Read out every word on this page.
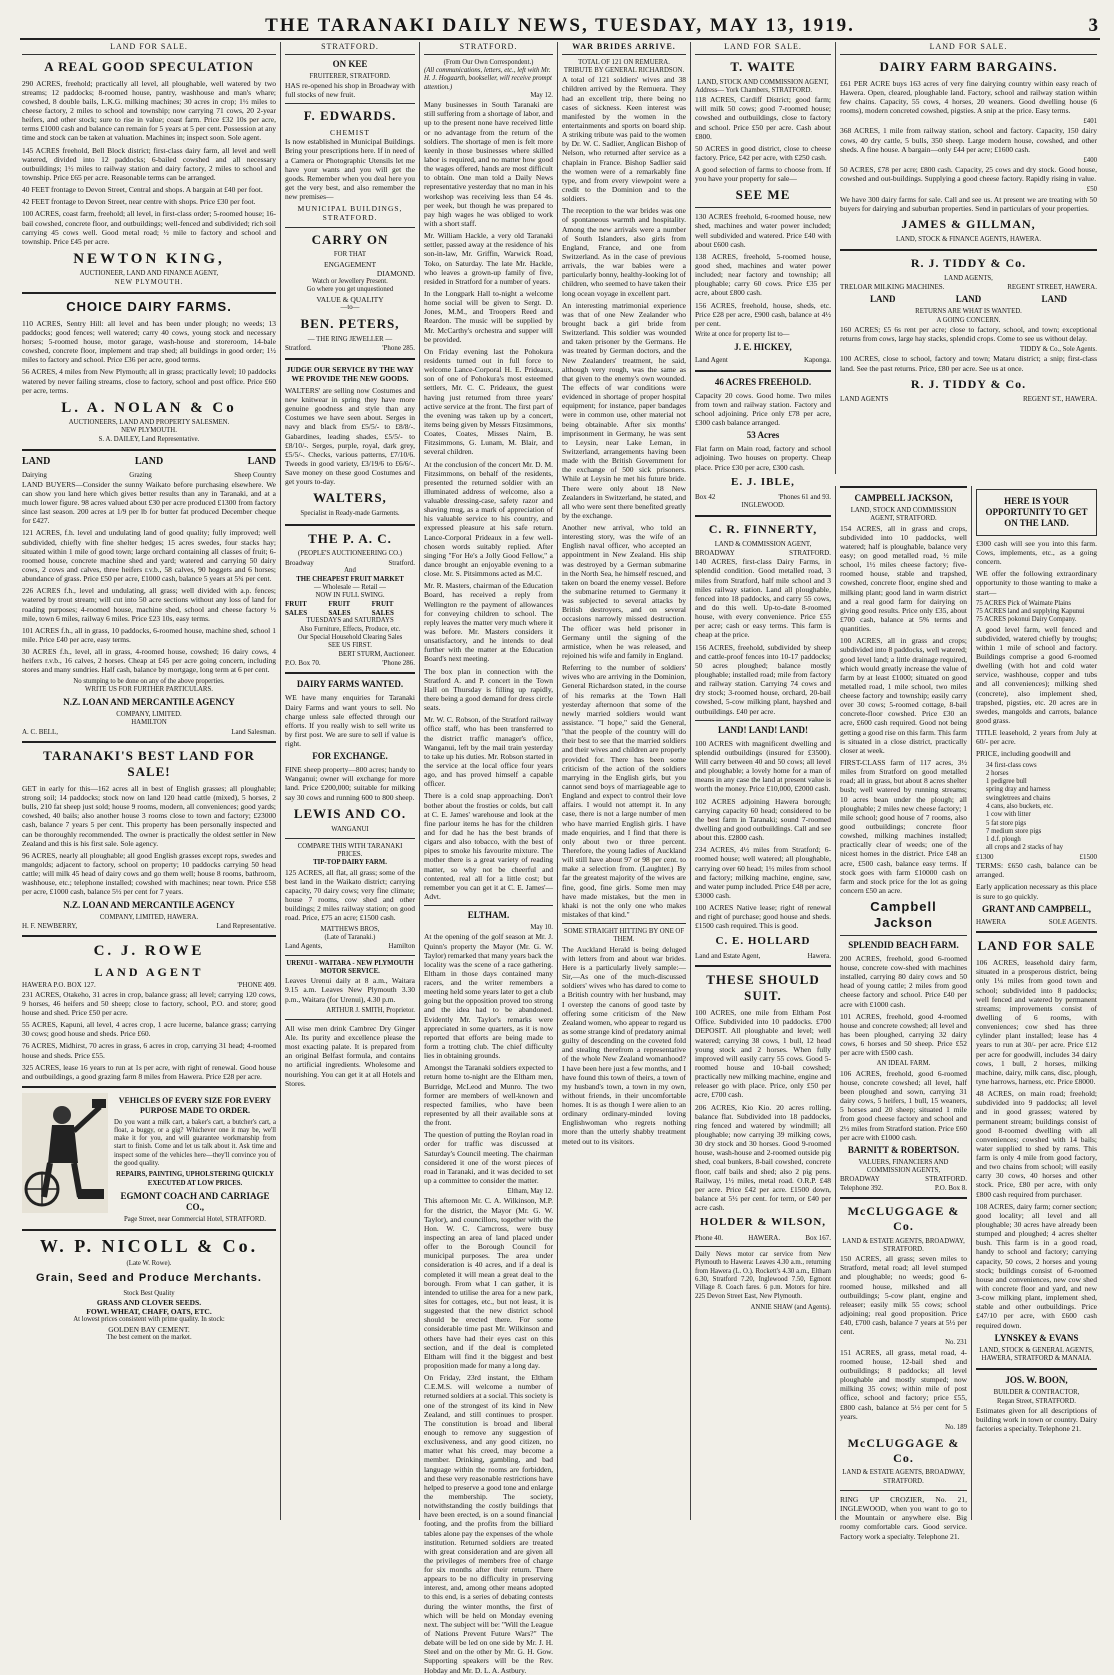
THE TARANAKI DAILY NEWS, TUESDAY, MAY 13, 1919.	3
LAND FOR SALE.
A REAL GOOD SPECULATION

290 ACRES, freehold; practically all level, all ploughable, well watered by two streams; 12 paddocks; 8-roomed house, pantry, washhouse and man's whare; cowshed, 8 double bails, L.K.G. milking machines; 30 acres in crop; 1½ miles to cheese factory, 2 miles to school and township; now carrying 71 cows, 20 2-year heifers, and other stock; sure to rise in value; coast farm. Price £32 10s per acre, terms £1000 cash and balance can remain for 5 years at 5 per cent. Possession at any time and stock can be taken at valuation. Machines in; inspect soon. Sole agent.

145 ACRES freehold, Bell Block district; first-class dairy farm, all level and well watered, divided into 12 paddocks; 6-bailed cowshed and all necessary outbuildings; 1½ miles to railway station and dairy factory, 2 miles to school and township. Price £65 per acre. Reasonable terms can be arranged.

40 FEET frontage to Devon Street, Central and shops. A bargain at £40 per foot.

42 FEET frontage to Devon Street, near centre with shops. Price £30 per foot.

100 ACRES, coast farm, freehold; all level, in first-class order; 5-roomed house; 16-bail cowshed, concrete floor, and outbuildings; well-fenced and subdivided; rich soil carrying 45 cows well. Good metal road; ½ mile to factory and school and township. Price £45 per acre.

NEWTON KING,
AUCTIONEER, LAND AND FINANCE AGENT,
NEW PLYMOUTH.
CHOICE DAIRY FARMS.

110 ACRES, Sentry Hill: all level and has been under plough; no weeds; 13 paddocks; good fences; well watered; carry 40 cows, young stock and necessary horses; 5-roomed house, motor garage, wash-house and storeroom, 14-bale cowshed, concrete floor, implement and trap shed; all buildings in good order; 1½ miles to factory and school. Price £36 per acre, good terms.

56 ACRES, 4 miles from New Plymouth; all in grass; practically level; 10 paddocks watered by never failing streams, close to factory, school and post office. Price £60 per acre, terms.

L. A. NOLAN & Co
AUCTIONEERS, LAND AND PROPERTY SALESMEN.
NEW PLYMOUTH.
S. A. DAILEY, Land Representative.
LAND	LAND	LAND
Dairying	Grazing	Sheep Country

LAND BUYERS—Consider the sunny Waikato before purchasing elsewhere. We can show you land here which gives better results than any in Taranaki, and at a much lower figure. 98 acres valued about £30 per acre produced £1300 from factory since last season. 200 acres at 1/9 per lb for butter fat produced December cheque for £427.

121 ACRES, f.h. level and undulating land of good quality; fully improved; well subdivided, chiefly with fine shelter hedges; 15 acres swedes, four stacks hay; situated within 1 mile of good town; large orchard containing all classes of fruit; 6-roomed house, concrete machine shed and yard; watered and carrying 50 dairy cows, 2 cows and calves, three heifers r.v.b., 58 calves, 90 hoggets and 6 horses; abundance of grass. Price £50 per acre, £1000 cash, balance 5 years at 5¾ per cent.

226 ACRES f.h., level and undulating, all grass; well divided with a.p. fences; watered by trout stream; will cut into 50 acre sections without any loss of land for roading purposes; 4-roomed house, machine shed, school and cheese factory ½ mile, town 6 miles, railway 6 miles. Price £23 10s, easy terms.

101 ACRES f.h., all in grass, 10 paddocks, 6-roomed house, machine shed, school 1 mile. Price £40 per acre, easy terms.

30 ACRES f.h., level, all in grass, 4-roomed house, cowshed; 16 dairy cows, 4 heifers r.v.b., 16 calves, 2 horses. Cheap at £45 per acre going concern, including stores and many sundries. Half cash, balance by mortgage, long term at 6 per cent.

No stumping to be done on any of the above properties.
WRITE US FOR FURTHER PARTICULARS.
N.Z. LOAN AND MERCANTILE AGENCY
COMPANY, LIMITED.
HAMILTON
A. C. BELL,	Land Salesman.
TARANAKI'S BEST LAND FOR SALE!

GET in early for this—162 acres all in best of English grasses; all ploughable; strong soil; 14 paddocks; stock now on land 120 head cattle (mixed), 5 horses, 2 bulls, 210 fat sheep just sold; house 9 rooms, modern, all conveniences; good yards; cowshed, 40 bails; also another house 3 rooms close to town and factory; £23000 cash, balance 7 years 5 per cent. This property has been personally inspected and can be thoroughly recommended. The owner is practically the oldest settler in New Zealand and this is his first sale. Sole agency.

96 ACRES, nearly all ploughable; all good English grasses except rops, swedes and mangolds; adjacent to factory, school on property; 10 paddocks carrying 50 head cattle; will milk 45 head of dairy cows and go them well; house 8 rooms, bathroom, washhouse, etc.; telephone installed; cowshed with machines; near town. Price £58 per acre, £1000 cash, balance 5½ per cent for 7 years.

N.Z. LOAN AND MERCANTILE AGENCY
COMPANY, LIMITED, HAWERA.
H. F. NEWBERRY,	Land Representative.
C. J. ROWE
LAND AGENT
HAWERA P.O. BOX 127.	'PHONE 409.

231 ACRES, Otakeho, 31 acres in crop, balance grass; all level; carrying 120 cows, 9 horses, 46 heifers and 50 sheep; close to factory, school, P.O. and store; good house and shed. Price £50 per acre.

55 ACRES, Kapuni, all level, 4 acres crop, 1 acre lucerne, balance grass; carrying 30 cows; good house and sheds. Price £60.

76 ACRES, Midhirst, 70 acres in grass, 6 acres in crop, carrying 31 head; 4-roomed house and sheds. Price £55.

325 ACRES, lease 16 years to run at 1s per acre, with right of renewal. Good house and outbuildings, a good grazing farm 8 miles from Hawera. Price £28 per acre.

VEHICLES OF EVERY SIZE FOR EVERY PURPOSE MADE TO ORDER.

Do you want a milk cart, a baker's cart, a butcher's cart, a float, a buggy, or a gig? Whichever one it may be, we'll make it for you, and will guarantee workmanship from start to finish. Come and let us talk about it. Ask time and inspect some of the vehicles here—they'll convince you of the good quality.

REPAIRS, PAINTING, UPHOLSTERING QUICKLY EXECUTED AT LOW PRICES.
EGMONT COACH AND CARRIAGE CO.,
Page Street, near Commercial Hotel, STRATFORD.
W. P. NICOLL & Co.
(Late W. Rowe).
Grain, Seed and Produce Merchants.
Stock Best Quality
GRASS AND CLOVER SEEDS.
FOWL WHEAT, CHAFF, OATS, ETC.
At lowest prices consistent with prime quality. In stock:
GOLDEN BAY CEMENT.
The best cement on the market.
STRATFORD.
ON KEE
FRUITERER, STRATFORD.

HAS re-opened his shop in Broadway with full stocks of new fruit.

F. EDWARDS.
CHEMIST

Is now established in Municipal Buildings. Bring your prescriptions here. If in need of a Camera or Photographic Utensils let me have your wants and you will get the goods. Remember when you deal here you get the very best, and also remember the new premises—

MUNICIPAL BUILDINGS,
STRATFORD.
CARRY ON
FOR THAT
ENGAGEMENT
DIAMOND.
Watch or Jewellery Present.
Go where you get unquestioned
VALUE & QUALITY
—to—
BEN. PETERS,
— THE RING JEWELLER —
Stratford.	'Phone 285.
JUDGE OUR SERVICE BY THE WAY WE PROVIDE THE NEW GOODS.

WALTERS' are selling now Costumes and new knitwear in spring they have more genuine goodness and style than any Costumes we have seen about. Serges in navy and black from £5/5/- to £8/8/-. Gabardines, leading shades, £5/5/- to £8/10/-. Serges, purple, royal, dark grey, £5/5/-. Checks, various patterns, £7/10/6. Tweeds in good variety, £3/19/6 to £6/6/-. Save money on these good Costumes and get yours to-day.

WALTERS,
Specialist in Ready-made Garments.
THE P. A. C.
(PEOPLE'S AUCTIONEERING CO.)
Broadway	Stratford.
And
THE CHEAPEST FRUIT MARKET
— Wholesale — Retail —
NOW IN FULL SWING.
FRUIT SALES
FRUIT SALES
FRUIT SALES
TUESDAYS and SATURDAYS
Also Furniture, Effects, Produce, etc.
Our Special Household Clearing Sales
SEE US FIRST.
BERT STURM, Auctioneer.
P.O. Box 70.	'Phone 286.
DAIRY FARMS WANTED.

WE have many enquiries for Taranaki Dairy Farms and want yours to sell. No charge unless sale effected through our efforts. If you really wish to sell write us by first post. We are sure to sell if value is right.

FOR EXCHANGE.

FINE sheep property—800 acres; handy to Wanganui; owner will exchange for more land. Price £200,000; suitable for milking say 30 cows and running 600 to 800 sheep.

LEWIS AND CO.
WANGANUI
COMPARE THIS WITH TARANAKI PRICES.
TIP-TOP DAIRY FARM.

125 ACRES, all flat, all grass; some of the best land in the Waikato district; carrying capacity, 70 dairy cows; very fine climate; house 7 rooms, cow shed and other buildings; 2 miles railway station; on good road. Price, £75 an acre; £1500 cash.

MATTHEWS BROS,
(Late of Taranaki.)
Land Agents,	Hamilton
URENUI - WAITARA - NEW PLYMOUTH MOTOR SERVICE.

Leaves Urenui daily at 8 a.m., Waitara 9.15 a.m. Leaves New Plymouth 3.30 p.m., Waitara (for Urenui), 4.30 p.m.

ARTHUR J. SMITH, Proprietor.

All wise men drink Cambrec Dry Ginger Ale. Its purity and excellence please the most exacting palate. It is prepared from an original Belfast formula, and contains no artificial ingredients. Wholesome and nourishing. You can get it at all Hotels and Stores.

STRATFORD.
(From Our Own Correspondent.)
(All communications, letters, etc., left with Mr. H. J. Hogaarth, bookseller, will receive prompt attention.)
May 12.

Many businesses in South Taranaki are still suffering from a shortage of labor, and up to the present none have received little or no advantage from the return of the soldiers. The shortage of men is felt more keenly in those businesses where skilled labor is required, and no matter how good the wages offered, hands are most difficult to obtain. One man told a Daily News representative yesterday that no man in his workshop was receiving less than £4 4s. per week, but though he was prepared to pay high wages he was obliged to work with a short staff.

Mr. William Hackle, a very old Taranaki settler, passed away at the residence of his son-in-law, Mr. Griffin, Warwick Road, Toko, on Saturday. The late Mr. Hackle, who leaves a grown-up family of five, resided in Stratford for a number of years.

In the Longpark Hall to-night a welcome home social will be given to Sergt. D. Jones, M.M., and Troopers Reed and Reardon. The music will be supplied by Mr. McCarthy's orchestra and supper will be provided.

On Friday evening last the Pohokura residents turned out in full force to welcome Lance-Corporal H. E. Prideaux, son of one of Pohokura's most esteemed settlers, Mr. C. C. Prideaux, the guest having just returned from three years' active service at the front. The first part of the evening was taken up by a concert, items being given by Messrs Fitzsimmons, Coates, Coates, Misses Nairn, B. Fitzsimmons, G. Lunam, M. Blair, and several children.

At the conclusion of the concert Mr. D. M. Fitzsimmons, on behalf of the residents, presented the returned soldier with an illuminated address of welcome, also a valuable dressing-case, safety razor and shaving mug, as a mark of appreciation of his valuable service to his country, and expressed pleasure at his safe return. Lance-Corporal Prideaux in a few well-chosen words suitably replied. After singing "For He's a Jolly Good Fellow," a dance brought an enjoyable evening to a close. Mr. S. Pitsimmons acted as M.C.

Mr. R. Masters, chairman of the Education Board, has received a reply from Wellington re the payment of allowances for conveying children to school. The reply leaves the matter very much where it was before. Mr. Masters considers it unsatisfactory, and he intends to deal further with the matter at the Education Board's next meeting.

The box plan in connection with the Stratford A. and P. concert in the Town Hall on Thursday is filling up rapidly, there being a good demand for dress circle seats.

Mr. W. C. Robson, of the Stratford railway office staff, who has been transferred to the district traffic manager's office, Wanganui, left by the mail train yesterday to take up his duties. Mr. Robson started in the service at the local office four years ago, and has proved himself a capable officer.

There is a cold snap approaching. Don't bother about the frosties or colds, but call at C. E. James' warehouse and look at the fine parlour items he has for the children and for dad he has the best brands of cigars and also tobacco, with the best of pipes to smoke his favourite mixture. The mother there is a great variety of reading matter, so why not be cheerful and contented, real all for a little cost; but remember you can get it at C. E. James'—Advt.

ELTHAM.
May 10.

At the opening of the golf season at Mr. J. Quinn's property the Mayor (Mr. G. W. Taylor) remarked that many years back the locality was the scene of a race gathering. Eltham in those days contained many racers, and the writer remembers a meeting held some years later to get a club going but the opposition proved too strong and the idea had to be abandoned. Evidently Mr. Taylor's remarks were appreciated in some quarters, as it is now reported that efforts are being made to form a trotting club. The chief difficulty lies in obtaining grounds.

Amongst the Taranaki soldiers expected to return home to-night are the Eltham men, Burridge, McLeod and Munro. The two former are members of well-known and respected families, who have been represented by all their available sons at the front.

The question of putting the Roylan road in order for traffic was discussed at Saturday's Council meeting. The chairman considered it one of the worst pieces of road in Taranaki, and it was decided to set up a committee to consider the matter.

Eltham, May 12.

This afternoon Mr. C. A. Wilkinson, M.P. for the district, the Mayor (Mr. G. W. Taylor), and councillors, together with the Hon. W. C. Carncross, were busy inspecting an area of land placed under offer to the Borough Council for municipal purposes. The area under consideration is 40 acres, and if a deal is completed it will mean a great deal to the borough. From what I can gather, it is intended to utilise the area for a new park, sites for cottages, etc., but not least, it is suggested that the new district school should be erected there. For some considerable time past Mr. Wilkinson and others have had their eyes cast on this section, and if the deal is completed Eltham will find it the biggest and best proposition made for many a long day.

On Friday, 23rd instant, the Eltham C.E.M.S. will welcome a number of returned soldiers at a social. This society is one of the strongest of its kind in New Zealand, and still continues to prosper. The constitution is broad and liberal enough to remove any suggestion of exclusiveness, and any good citizen, no matter what his creed, may become a member. Drinking, gambling, and bad language within the rooms are forbidden, and these very reasonable restrictions have helped to preserve a good tone and enlarge the membership. The society, notwithstanding the costly buildings that have been erected, is on a sound financial footing, and the profits from the billiard tables alone pay the expenses of the whole institution. Returned soldiers are treated with great consideration and are given all the privileges of members free of charge for six months after their return. There appears to be no difficulty in preserving interest, and, among other means adopted to this end, is a series of debating contests during the winter months, the first of which will be held on Monday evening next. The subject will be: "Will the League of Nations Prevent Future Wars?" The debate will be led on one side by Mr. J. H. Steel and on the other by Mr. G. H. Gow. Supporting speakers will be the Rev. Hobday and Mr. D. L. A. Astbury.

WAR BRIDES ARRIVE.
TOTAL OF 121 ON REMUERA.
TRIBUTE BY GENERAL RICHARDSON.

A total of 121 soldiers' wives and 38 children arrived by the Remuera. They had an excellent trip, there being no cases of sickness. Keen interest was manifested by the women in the entertainments and sports on board ship. A striking tribute was paid to the women by Dr. W. C. Sadlier, Anglican Bishop of Nelson, who returned after service as a chaplain in France. Bishop Sadlier said the women were of a remarkably fine type, and from every viewpoint were a credit to the Dominion and to the soldiers.

The reception to the war brides was one of spontaneous warmth and hospitality. Among the new arrivals were a number of South Islanders, also girls from England, France, and one from Switzerland. As in the case of previous arrivals, the war babies were a particularly bonny, healthy-looking lot of children, who seemed to have taken their long ocean voyage in excellent part.

An interesting matrimonial experience was that of one New Zealander who brought back a girl bride from Switzerland. This soldier was wounded and taken prisoner by the Germans. He was treated by German doctors, and the New Zealanders' treatment, he said, although very rough, was the same as that given to the enemy's own wounded. The effects of war conditions were evidenced in shortage of proper hospital equipment; for instance, paper bandages were in common use, other material not being obtainable. After six months' imprisonment in Germany, he was sent to Leysin, near Lake Leman, in Switzerland, arrangements having been made with the British Government for the exchange of 500 sick prisoners. While at Leysin he met his future bride. There were only about 18 New Zealanders in Switzerland, he stated, and all who were sent there benefited greatly by the exchange.

Another new arrival, who told an interesting story, was the wife of an English naval officer, who accepted an appointment in New Zealand. His ship was destroyed by a German submarine in the North Sea, he himself rescued, and taken on board the enemy vessel. Before the submarine returned to Germany it was subjected to several attacks by British destroyers, and on several occasions narrowly missed destruction. The officer was held prisoner in Germany until the signing of the armistice, when he was released, and rejoined his wife and family in England.

Referring to the number of soldiers' wives who are arriving in the Dominion, General Richardson stated, in the course of his remarks at the Town Hall yesterday afternoon that some of the newly married soldiers would want assistance. "I hope," said the General, "that the people of the country will do their best to see that the married soldiers and their wives and children are properly provided for. There has been some criticism of the action of the soldiers marrying in the English girls, but you cannot send boys of marriageable age to England and expect to control their love affairs. I would not attempt it. In any case, there is not a large number of men who have married English girls. I have made enquiries, and I find that there is only about two or three percent. Therefore, the young ladies of Auckland will still have about 97 or 98 per cent. to make a selection from. (Laughter.) By far the greatest majority of the wives are fine, good, fine girls. Some men may have made mistakes, but the men in khaki is not the only one who makes mistakes of that kind."

SOME STRAIGHT HITTING BY ONE OF THEM.

The Auckland Herald is being deluged with letters from and about war brides. Here is a particularly lively sample:— Sir,—As one of the much-discussed soldiers' wives who has dared to come to a British country with her husband, may I overstep the canons of good taste by offering some criticism of the New Zealand women, who appear to regard us as some strange kind of predatory animal guilty of descending on the coveted fold and stealing therefrom a representative of the whole New Zealand womanhood? I have been here just a few months, and I have found this town of theirs, a town of my husband's town, a town in my own, without friends, in their uncomfortable homes. It is as though I were alien to an ordinary ordinary-minded loving Englishwoman who regrets nothing more than the utterly shabby treatment meted out to its visitors.

LAND FOR SALE.
T. WAITE
LAND, STOCK AND COMMISSION AGENT,
Address— York Chambers, STRATFORD.

118 ACRES, Cardiff District; good farm; will milk 50 cows; good 7-roomed house; cowshed and outbuildings, close to factory and school. Price £50 per acre. Cash about £800.

50 ACRES in good district, close to cheese factory. Price, £42 per acre, with £250 cash.

A good selection of farms to choose from. If you have your property for sale—

SEE ME

130 ACRES freehold, 6-roomed house, new shed, machines and water power included; well subdivided and watered. Price £40 with about £600 cash.

138 ACRES, freehold, 5-roomed house, good shed, machines and water power included; near factory and township; all ploughable; carry 60 cows. Price £35 per acre, about £800 cash.

156 ACRES, freehold, house, sheds, etc. Price £28 per acre, £900 cash, balance at 4½ per cent.

Write at once for property list to—
J. E. HICKEY,
Land Agent	Kaponga.
46 ACRES FREEHOLD.

Capacity 20 cows. Good home. Two miles from town and railway station. Factory and school adjoining. Price only £78 per acre, £300 cash balance arranged.

53 Acres

Flat farm on Main road, factory and school adjoining. Two houses on property. Cheap place. Price £30 per acre, £300 cash.

E. J. IBLE,
Box 42	'Phones 61 and 93.
INGLEWOOD.
C. R. FINNERTY,
LAND & COMMISSION AGENT,
BROADWAY	STRATFORD.

140 ACRES, first-class Dairy Farms, in splendid condition. Good metalled road, 3 miles from Stratford, half mile school and 3 miles railway station. Land all ploughable, fenced into 18 paddocks, and carry 55 cows, and do this well. Up-to-date 8-roomed house, with every convenience. Price £55 per acre; cash or easy terms. This farm is cheap at the price.

156 ACRES, freehold, subdivided by sheep and cattle-proof fences into 10-17 paddocks; 50 acres ploughed; balance mostly ploughable; installed road; mile from factory and railway station. Carrying 74 cows and dry stock; 3-roomed house, orchard, 20-bail cowshed, 5-cow milking plant, hayshed and outbuildings. £40 per acre.

LAND! LAND! LAND!

100 ACRES with magnificent dwelling and splendid outbuildings (insured for £3500). Will carry between 40 and 50 cows; all level and ploughable; a lovely home for a man of means in any case the land at present value is worth the money. Price £10,000, £2000 cash.

102 ACRES adjoining Hawera borough; carrying capacity 60 head; considered to be the best farm in Taranaki; sound 7-roomed dwelling and good outbuildings. Call and see about this. £2800 cash.

234 ACRES, 4½ miles from Stratford; 6-roomed house; well watered; all ploughable, carrying over 60 head; 1½ miles from school and factory; milking machine, engine, saw, and water pump included. Price £48 per acre, £3000 cash.

100 ACRES Native lease; right of renewal and right of purchase; good house and sheds. £1500 cash required. This is good.

C. E. HOLLARD
Land and Estate Agent,	Hawera.
THESE SHOULD SUIT.

100 ACRES, one mile from Eltham Post Office. Subdivided into 10 paddocks. £700 DEPOSIT. All ploughable and level; well watered; carrying 38 cows, 1 bull, 12 head young stock and 2 horses. When fully improved will easily carry 55 cows. Good 5-roomed house and 10-bail cowshed; practically new milking machine, engine and releaser go with place. Price, only £50 per acre, £700 cash.

206 ACRES, Kio Kio. 20 acres rolling, balance flat. Subdivided into 18 paddocks, ring fenced and watered by windmill; all ploughable; now carrying 39 milking cows, 30 dry stock and 30 horses. Good 9-roomed house, wash-house and 2-roomed outside pig shed, coal bunkers, 8-bail cowshed, concrete floor, calf bails and shed; also 2 pig pens. Railway, 1½ miles, metal road. O.R.P. £48 per acre. Price £42 per acre. £1500 down, balance at 5½ per cent. for term, or £40 per acre cash.

HOLDER & WILSON,
Phone 40.	HAWERA.	Box 167.

Daily News motor car service from New Plymouth to Hawera: Leaves 4.30 a.m., returning from Hawera (L. O.). Rockett's 4.30 a.m., Eltham 6.30, Stratford 7.20, Inglewood 7.50, Egmont Village 8. Coach fares. 6 p.m. Motors for hire. 225 Devon Street East, New Plymouth.

ANNIE SHAW (and Agents).
LAND FOR SALE.
DAIRY FARM BARGAINS.

£61 PER ACRE buys 163 acres of very fine dairying country within easy reach of Hawera. Open, cleared, ploughable land. Factory, school and railway station within few chains. Capacity, 55 cows, 4 horses, 20 weaners. Good dwelling house (6 rooms), modern concreted cowshed, pigsties. A snip at the price. Easy terms.

£401

368 ACRES, 1 mile from railway station, school and factory. Capacity, 150 dairy cows, 40 dry cattle, 5 bulls, 350 sheep. Large modern house, cowshed, and other sheds. A fine house. A bargain—only £44 per acre; £1600 cash.

£400

50 ACRES, £78 per acre; £800 cash. Capacity, 25 cows and dry stock. Good house, cowshed and out-buildings. Supplying a good cheese factory. Rapidly rising in value.

£50

We have 300 dairy farms for sale. Call and see us. At present we are treating with 50 buyers for dairying and suburban properties. Send in particulars of your properties.

JAMES & GILLMAN,
LAND, STOCK & FINANCE AGENTS, HAWERA.
R. J. TIDDY & Co.
LAND AGENTS,
TRELOAR MILKING MACHINES.	REGENT STREET, HAWERA.
LAND	LAND	LAND
RETURNS ARE WHAT IS WANTED.
A GOING CONCERN.

160 ACRES; £5 6s rent per acre; close to factory, school, and town; exceptional returns from cows, large hay stacks, splendid crops. Come to see us without delay.

TIDDY & Co., Sole Agents.

100 ACRES, close to school, factory and town; Mataru district; a snip; first-class land. See the past returns. Price, £80 per acre. See us at once.

R. J. TIDDY & Co.
LAND AGENTS	REGENT ST., HAWERA.
CAMPBELL JACKSON,
LAND, STOCK AND COMMISSION AGENT, STRATFORD.

154 ACRES, all in grass and crops, subdivided into 10 paddocks, well watered; half is ploughable, balance very easy; on good metalled road, ½ mile school, 1½ miles cheese factory; five-roomed house, stable and trapshed, cowshed, concrete floor, engine shed and milking plant; good land in warm district and a real good farm for dairying on giving good results. Price only £35, about £700 cash, balance at 5% terms and quantities.

100 ACRES, all in grass and crops; subdivided into 8 paddocks, well watered; good level land; a little drainage required, which would greatly increase the value of farm by at least £1000; situated on good metalled road, 1 mile school, two miles cheese factory and township; easily carry over 30 cows; 5-roomed cottage, 8-bail concrete-floor cowshed. Price £30 an acre, £600 cash required. Good not being getting a good rise on this farm. This farm is situated in a close district, practically closer at week.

FIRST-CLASS farm of 117 acres, 3½ miles from Stratford on good metalled road; all in grass, but about 8 acres shelter bush; well watered by running streams; 10 acres bean under the plough; all ploughable; 2 miles new cheese factory; 1 mile school; good house of 7 rooms, also good outbuildings; concrete floor cowshed, milking machines installed; practically clear of weeds; one of the nicest homes in the district. Price £48 an acre, £500 cash, balance easy terms. If stock goes with farm £10000 cash on farm and stock price for the lot as going concern £50 an acre.

Campbell Jackson
SPLENDID BEACH FARM.

200 ACRES, freehold, good 6-roomed house, concrete cow-shed with machines installed, carrying 80 dairy cows and 50 head of young cattle; 2 miles from good cheese factory and school. Price £40 per acre with £1000 cash.

101 ACRES, freehold, good 4-roomed house and concrete cowshed; all level and has been ploughed, carrying 32 dairy cows, 6 horses and 50 sheep. Price £52 per acre with £500 cash.

AN IDEAL FARM.

106 ACRES, freehold, good 6-roomed house, concrete cowshed; all level, half been ploughed and sown, carrying 31 dairy cows, 5 heifers, 1 bull, 15 weaners, 5 horses and 20 sheep; situated 1 mile from good cheese factory and school and 2½ miles from Stratford station. Price £60 per acre with £1000 cash.

BARNITT & ROBERTSON.
VALUERS, FINANCIERS AND COMMISSION AGENTS,
BROADWAY	STRATFORD.
Telephone 392.	P.O. Box 8.
McCLUGGAGE & Co.
LAND & ESTATE AGENTS, BROADWAY, STRATFORD.

150 ACRES, all grass; seven miles to Stratford, metal road; all level stumped and ploughable; no weeds; good 6-roomed house, milkshed and all outbuildings; 5-cow plant, engine and releaser; easily milk 55 cows; school adjoining; real good proposition. Price £40, £700 cash, balance 7 years at 5½ per cent.

No. 231

151 ACRES, all grass, metal road, 4-roomed house, 12-bail shed and outbuildings; 8 paddocks; all level ploughable and mostly stumped; now milking 35 cows; within mile of post office, school and factory; price £55, £800 cash, balance at 5½ per cent for 5 years.

No. 189
McCLUGGAGE & Co.
LAND & ESTATE AGENTS, BROADWAY, STRATFORD.

RING UP CROZIER, No. 21, INGLEWOOD, when you want to go to the Mountain or anywhere else. Big roomy comfortable cars. Good service. Factory work a specialty. Telephone 21.

HERE IS YOUR OPPORTUNITY TO GET ON THE LAND.

£300 cash will see you into this farm. Cows, implements, etc., as a going concern.

WE offer the following extraordinary opportunity to those wanting to make a start—

75 ACRES Pick of Waimate Plains
75 ACRES land and supplying Kapunui
75 ACRES pokonui Dairy Company.

A good level farm, well fenced and subdivided, watered chiefly by troughs; within 1 mile of school and factory. Buildings comprise a good 6-roomed dwelling (with hot and cold water service, washhouse, copper and tubs and all conveniences); milking shed (concrete), also implement shed, trapshed, pigsties, etc. 20 acres are in swedes, mangolds and carrots, balance good grass.

TITLE leasehold, 2 years from July at 60/- per acre.

PRICE, including goodwill and

34 first-class cows
2 horses
1 pedigree bull
spring dray and harness
swingletrees and chains
4 cans, also buckets, etc.
1 cow with litter
5 fat store pigs
7 medium store pigs
1 d.f. plough
all crops and 2 stacks of hay
£1300	£1500

TERMS: £650 cash, balance can be arranged.

Early application necessary as this place is sure to go quickly.

GRANT AND CAMPBELL,
HAWERA	SOLE AGENTS.
LAND FOR SALE

106 ACRES, leasehold dairy farm, situated in a prosperous district, being only 1¼ miles from good town and school; subdivided into 8 paddocks; well fenced and watered by permanent streams; improvements consist of dwelling of 6 rooms, with conveniences; cow shed has three cylinder plant installed; lease has 4 years to run at 30/- per acre. Price £12 per acre for goodwill, includes 34 dairy cows, 1 bull, 2 horses, milking machine, dairy, milk cans, disc, plough, tyne harrows, harness, etc. Price £8000.

48 ACRES, on main road; freehold; subdivided into 9 paddocks; all level and in good grasses; watered by permanent stream; buildings consist of good 8-roomed dwelling with all conveniences; cowshed with 14 bails; water supplied to shed by rams. This farm is only 4 mile from good factory, and two chains from school; will easily carry 30 cows, 40 horses and other stock. Price, £80 per acre, with only £800 cash required from purchaser.

108 ACRES, dairy farm; corner section; good locality; all level and all ploughable; 30 acres have already been stumped and ploughed; 4 acres shelter bush. This farm is in a good road, handy to school and factory; carrying capacity, 50 cows, 2 horses and young stock; buildings consist of 6-roomed house and conveniences, new cow shed with concrete floor and yard, and new 3-cow milking plant, implement shed, stable and other outbuildings. Price £47/10 per acre, with £600 cash required down.

LYNSKEY & EVANS
LAND, STOCK & GENERAL AGENTS, HAWERA, STRATFORD & MANAIA.
JOS. W. BOON,
BUILDER & CONTRACTOR,
Regan Street, STRATFORD.

Estimates given for all descriptions of building work in town or country. Dairy factories a specialty. Telephone 21.
